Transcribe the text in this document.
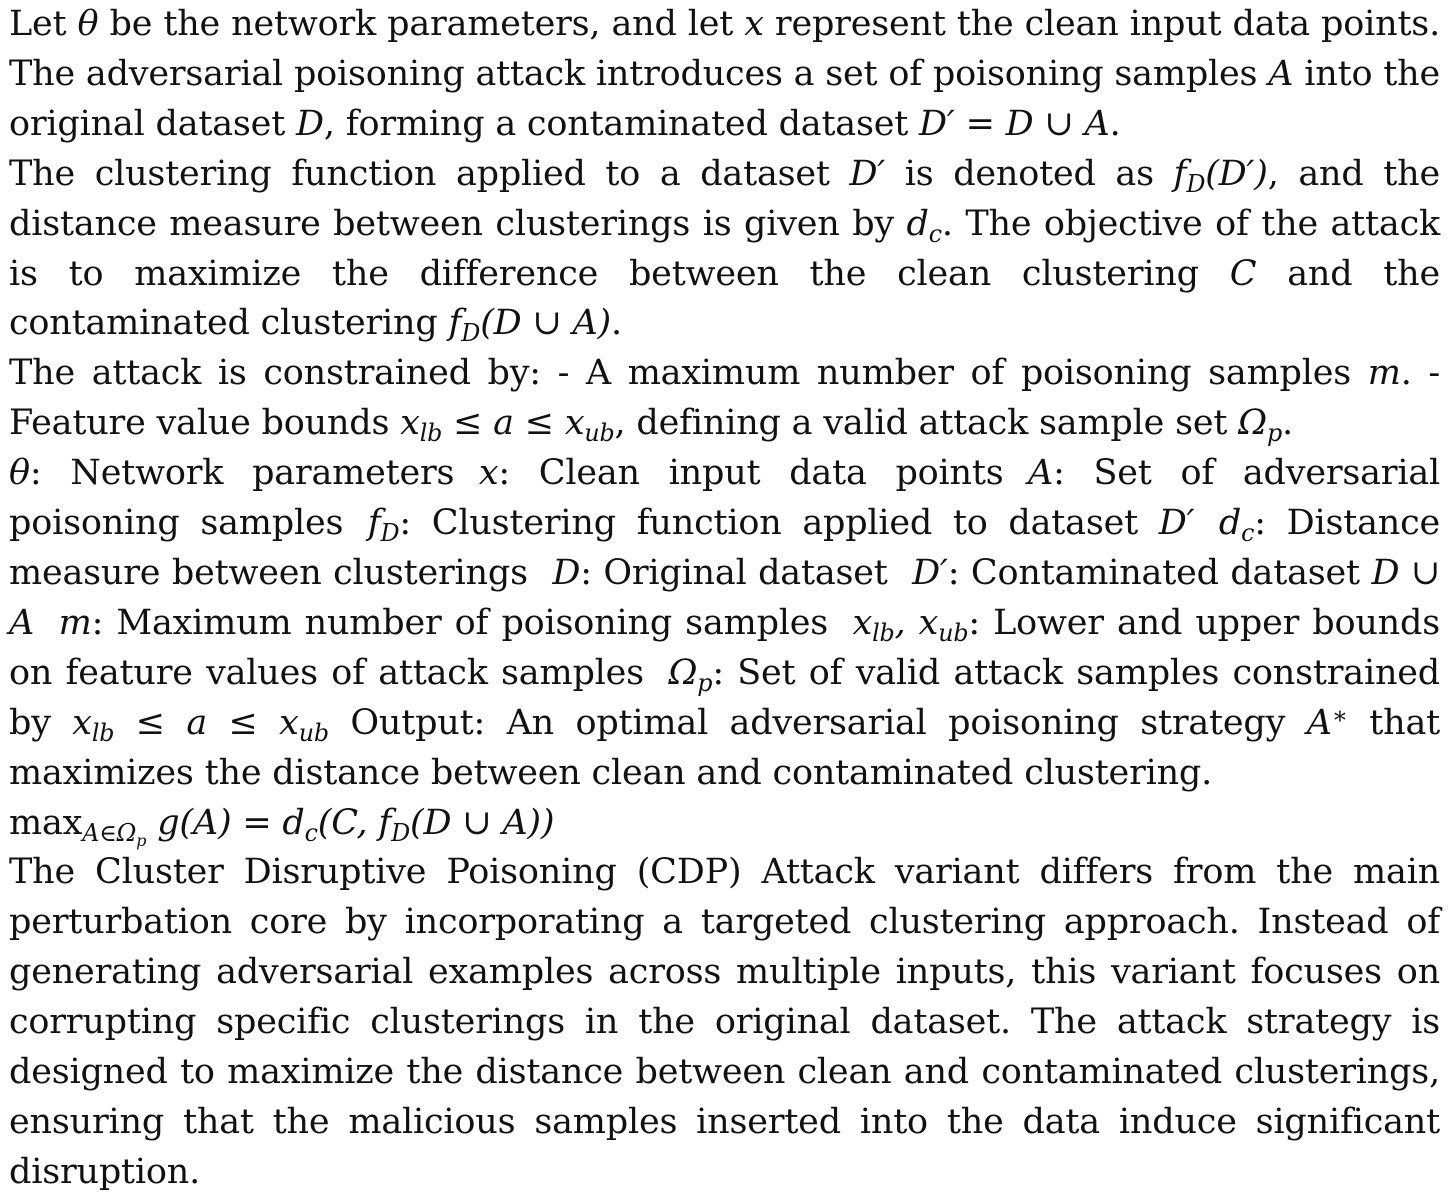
Let θ be the network parameters, and let x represent the clean input data points. The adversarial poisoning attack introduces a set of poisoning samples A into the original dataset D, forming a contaminated dataset D′ = D ∪ A.

The clustering function applied to a dataset D′ is denoted as $f_D(D')$, and the distance measure between clusterings is given by $d_c$. The objective of the attack is to maximize the difference between the clean clustering C and the contaminated clustering $f_D(D$ ∪ A).

The attack is constrained by: - A maximum number of poisoning samples m. - Feature value bounds $x_{lb} \le a \le x_{ub}$, defining a valid attack sample set $\Omega_p$.

θ: Network parameters x: Clean input data points A: Set of adversarial poisoning samples $f_D$: Clustering function applied to dataset D′ $d_c$: Distance measure between clusterings D: Original dataset D′: Contaminated dataset D ∪ A m: Maximum number of poisoning samples $x_{lb}$, $x_{ub}$: Lower and upper bounds on feature values of attack samples $\Omega_p$: Set of valid attack samples constrained by $x_{lb} \le a \le x_{ub}$ Output: An optimal adversarial poisoning strategy A∗ that maximizes the distance between clean and contaminated clustering.

$\max_{A\in\Omega_p} g(A) = d_c(C$, $f_D(D$ ∪ A))

The Cluster Disruptive Poisoning (CDP) Attack variant differs from the main perturbation core by incorporating a targeted clustering approach. Instead of generating adversarial examples across multiple inputs, this variant focuses on corrupting specific clusterings in the original dataset. The attack strategy is designed to maximize the distance between clean and contaminated clusterings, ensuring that the malicious samples inserted into the data induce significant disruption.
